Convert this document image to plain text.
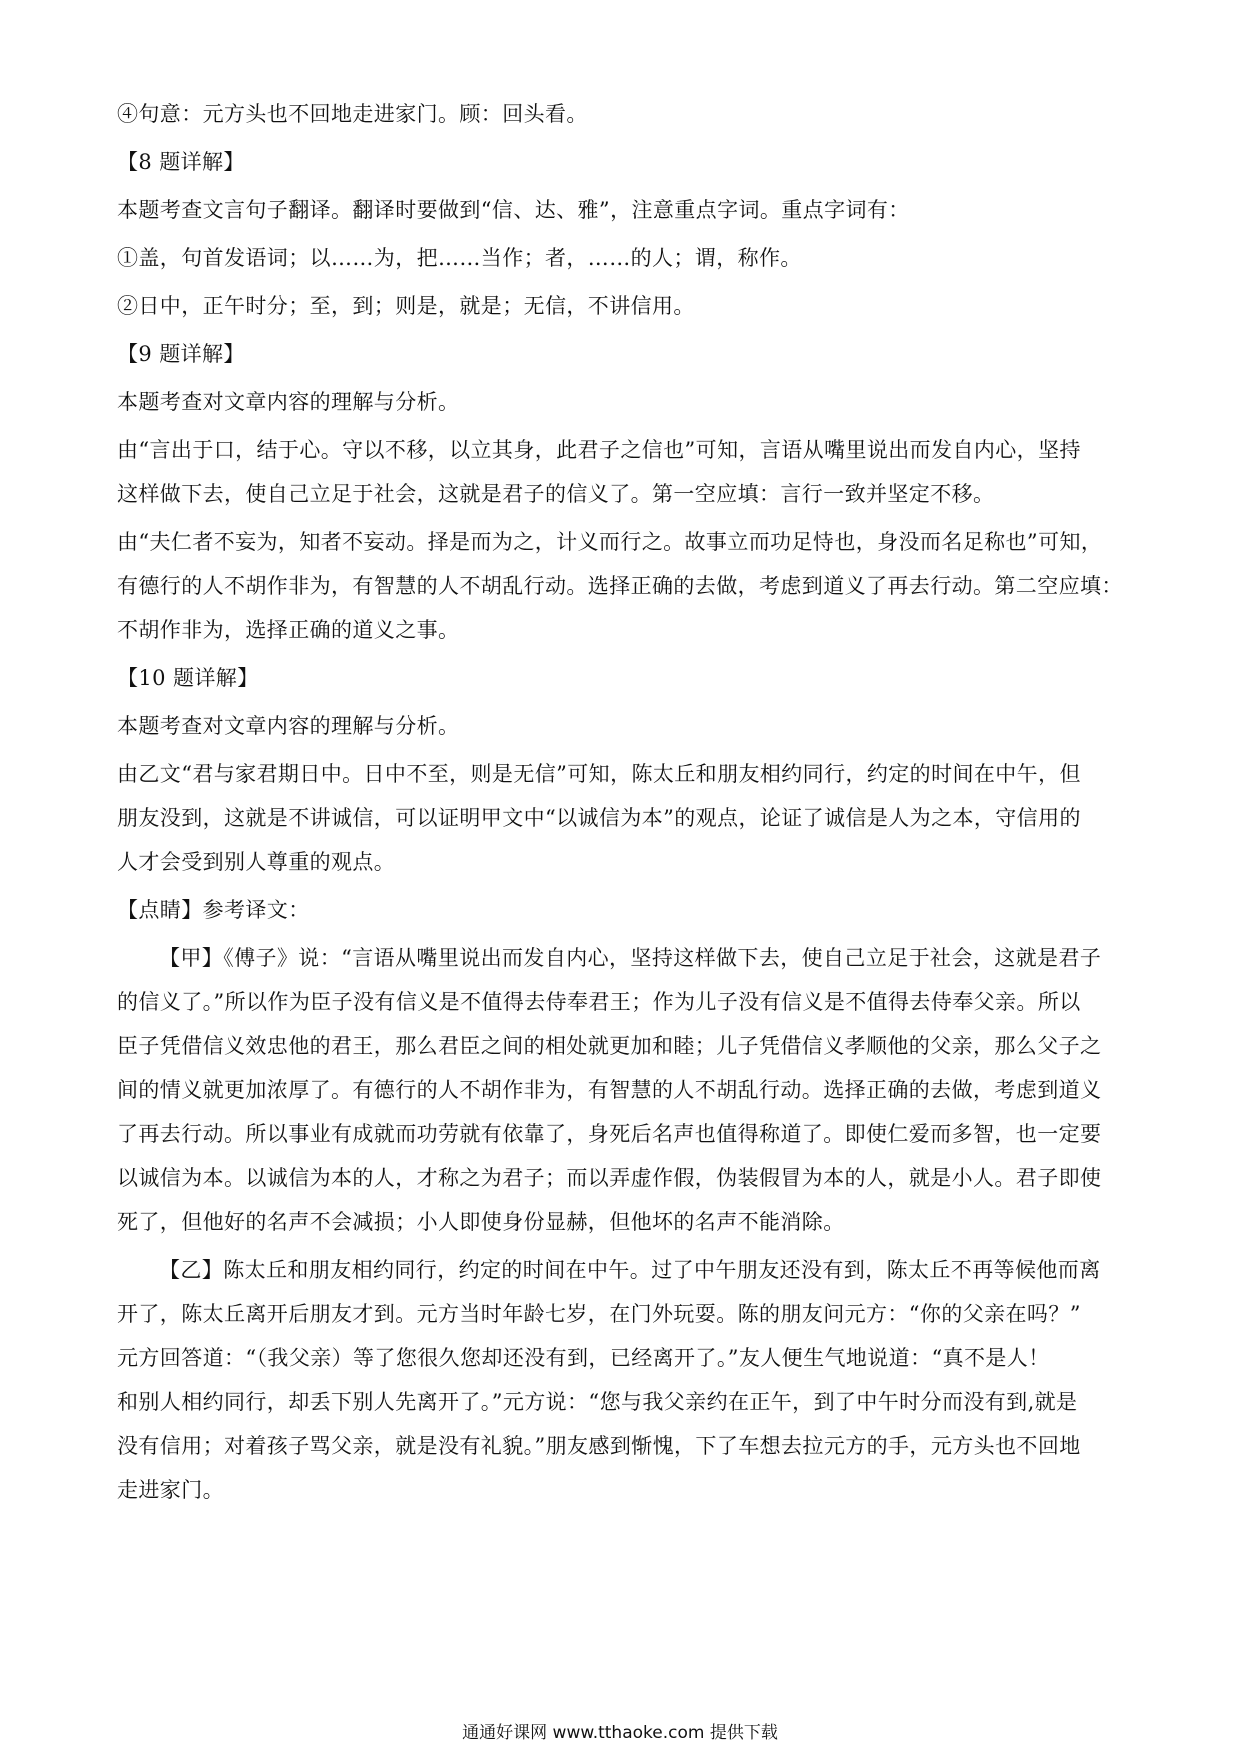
④句意：元方头也不回地走进家门。顾：回头看。

【8 题详解】

本题考查文言句子翻译。翻译时要做到“信、达、雅”，注意重点字词。重点字词有：

①盖，句首发语词；以……为，把……当作；者，……的人；谓，称作。

②日中，正午时分；至，到；则是，就是；无信，不讲信用。

【9 题详解】

本题考查对文章内容的理解与分析。

由“言出于口，结于心。守以不移，以立其身，此君子之信也”可知，言语从嘴里说出而发自内心，坚持

这样做下去，使自己立足于社会，这就是君子的信义了。第一空应填：言行一致并坚定不移。

由“夫仁者不妄为，知者不妄动。择是而为之，计义而行之。故事立而功足恃也，身没而名足称也”可知，

有德行的人不胡作非为，有智慧的人不胡乱行动。选择正确的去做，考虑到道义了再去行动。第二空应填：

不胡作非为，选择正确的道义之事。

【10 题详解】

本题考查对文章内容的理解与分析。

由乙文“君与家君期日中。日中不至，则是无信”可知，陈太丘和朋友相约同行，约定的时间在中午，但

朋友没到，这就是不讲诚信，可以证明甲文中“以诚信为本”的观点，论证了诚信是人为之本，守信用的

人才会受到别人尊重的观点。

【点睛】参考译文：

【甲】《傅子》说：“言语从嘴里说出而发自内心，坚持这样做下去，使自己立足于社会，这就是君子

的信义了。”所以作为臣子没有信义是不值得去侍奉君王；作为儿子没有信义是不值得去侍奉父亲。所以

臣子凭借信义效忠他的君王，那么君臣之间的相处就更加和睦；儿子凭借信义孝顺他的父亲，那么父子之

间的情义就更加浓厚了。有德行的人不胡作非为，有智慧的人不胡乱行动。选择正确的去做，考虑到道义

了再去行动。所以事业有成就而功劳就有依靠了，身死后名声也值得称道了。即使仁爱而多智，也一定要

以诚信为本。以诚信为本的人，才称之为君子；而以弄虚作假，伪装假冒为本的人，就是小人。君子即使

死了，但他好的名声不会减损；小人即使身份显赫，但他坏的名声不能消除。

【乙】陈太丘和朋友相约同行，约定的时间在中午。过了中午朋友还没有到，陈太丘不再等候他而离

开了，陈太丘离开后朋友才到。元方当时年龄七岁，在门外玩耍。陈的朋友问元方：“你的父亲在吗？”

元方回答道：“（我父亲）等了您很久您却还没有到，已经离开了。”友人便生气地说道：“真不是人！

和别人相约同行，却丢下别人先离开了。”元方说：“您与我父亲约在正午，到了中午时分而没有到,就是

没有信用；对着孩子骂父亲，就是没有礼貌。”朋友感到惭愧，下了车想去拉元方的手，元方头也不回地

走进家门。

通通好课网 www.tthaoke.com 提供下载
